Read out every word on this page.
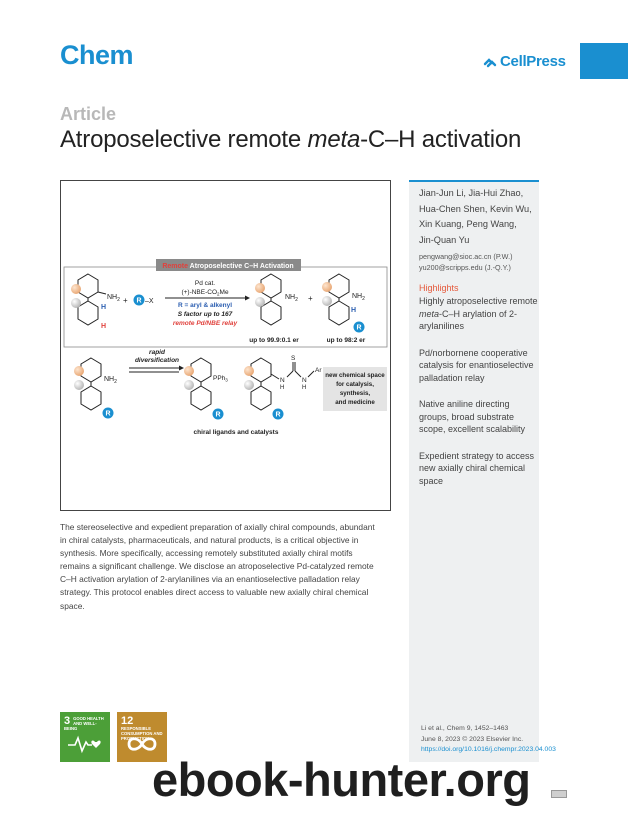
Chem	CellPress
Article
Atroposelective remote meta-C–H activation
Remote Atroposelective C–H Activation
$NH_2$
H
H
+ R –X
Pd cat.
$(+)-NBE-CO_2Me$
R = aryl & alkenyl
S factor up to 167
remote Pd/NBE relay
$NH_2$ +	$NH_2$
H
R
up to 99.9:0.1 er	up to 98:2 er
$NH_2$
R
rapid
diversification
PPh$_3$
R
S
N
H
N
H
Ar
R
new chemical space
for catalysis,
synthesis,
and medicine
chiral ligands and catalysts

The stereoselective and expedient preparation of axially chiral compounds, abundant in chiral catalysts, pharmaceuticals, and natural products, is a critical objective in synthesis. More specifically, accessing remotely substituted axially chiral motifs remains a significant challenge. We disclose an atroposelective Pd-catalyzed remote C–H activation arylation of 2-arylanilines via an enantioselective palladation relay strategy. This protocol enables direct access to valuable new axially chiral chemical space.

Jian-Jun Li, Jia-Hui Zhao, Hua-Chen Shen, Kevin Wu, Xin Kuang, Peng Wang, Jin-Quan Yu
pengwang@sioc.ac.cn (P.W.)
yu200@scripps.edu (J.-Q.Y.)
Highlights
Highly atroposelective remote meta-C–H arylation of 2-arylanilines
Pd/norbornene cooperative catalysis for enantioselective palladation relay
Native aniline directing groups, broad substrate scope, excellent scalability
Expedient strategy to access new axially chiral chemical space
Li et al., Chem 9, 1452–1463
June 8, 2023 © 2023 Elsevier Inc.
https://doi.org/10.1016/j.chempr.2023.04.003
3 GOOD HEALTH AND WELL-BEING
12
RESPONSIBLE CONSUMPTION AND PRODUCTION
ebook-hunter.org
